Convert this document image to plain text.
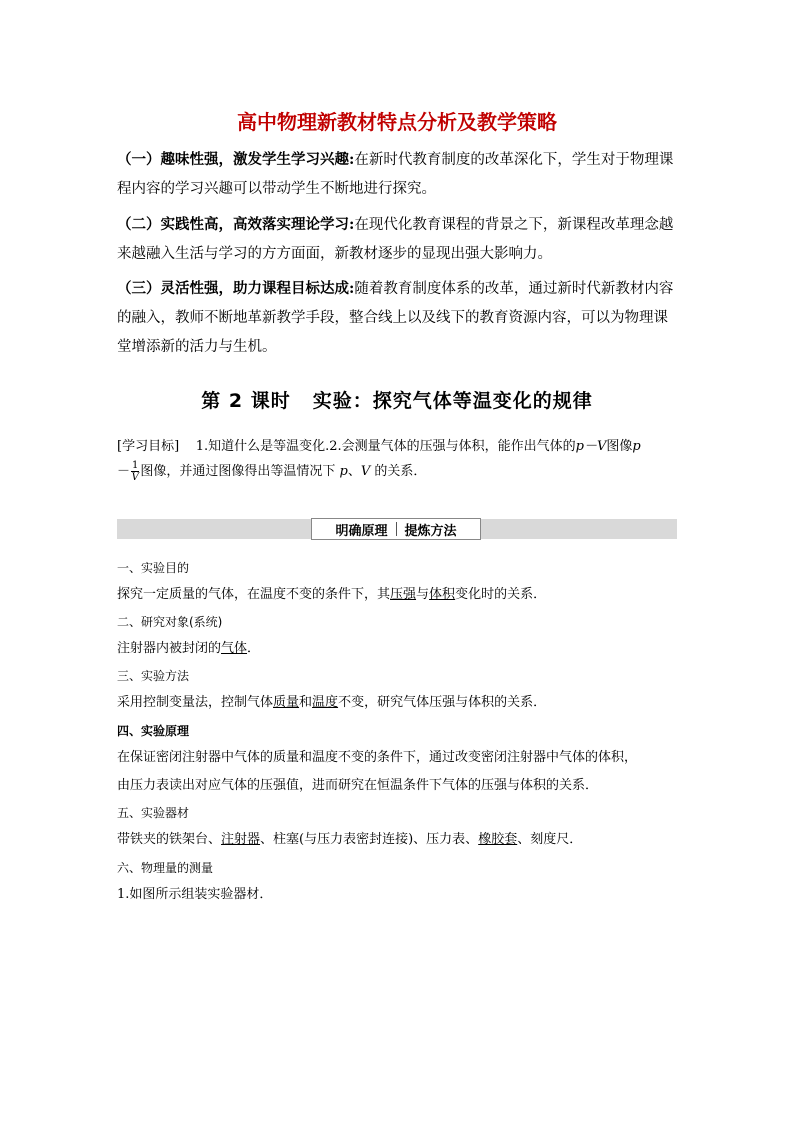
高中物理新教材特点分析及教学策略
（一）趣味性强，激发学生学习兴趣:在新时代教育制度的改革深化下，学生对于物理课程内容的学习兴趣可以带动学生不断地进行探究。
（二）实践性高，高效落实理论学习:在现代化教育课程的背景之下，新课程改革理念越来越融入生活与学习的方方面面，新教材逐步的显现出强大影响力。
（三）灵活性强，助力课程目标达成:随着教育制度体系的改革，通过新时代新教材内容的融入，教师不断地革新教学手段，整合线上以及线下的教育资源内容，可以为物理课堂增添新的活力与生机。
第 2 课时 实验：探究气体等温变化的规律
[学习目标] 1.知道什么是等温变化.2.会测量气体的压强与体积，能作出气体的p－V图像p
－ $\frac{1}{V}$ 图像，并通过图像得出等温情况下 p、V 的关系．
明确原理 提炼方法
一、实验目的
探究一定质量的气体，在温度不变的条件下，其压强与体积变化时的关系．
二、研究对象(系统)
注射器内被封闭的气体．
三、实验方法
采用控制变量法，控制气体质量和温度不变，研究气体压强与体积的关系．
四、实验原理
在保证密闭注射器中气体的质量和温度不变的条件下，通过改变密闭注射器中气体的体积，
由压力表读出对应气体的压强值，进而研究在恒温条件下气体的压强与体积的关系．
五、实验器材
带铁夹的铁架台、注射器、柱塞(与压力表密封连接)、压力表、橡胶套、刻度尺．
六、物理量的测量
1.如图所示组装实验器材．
